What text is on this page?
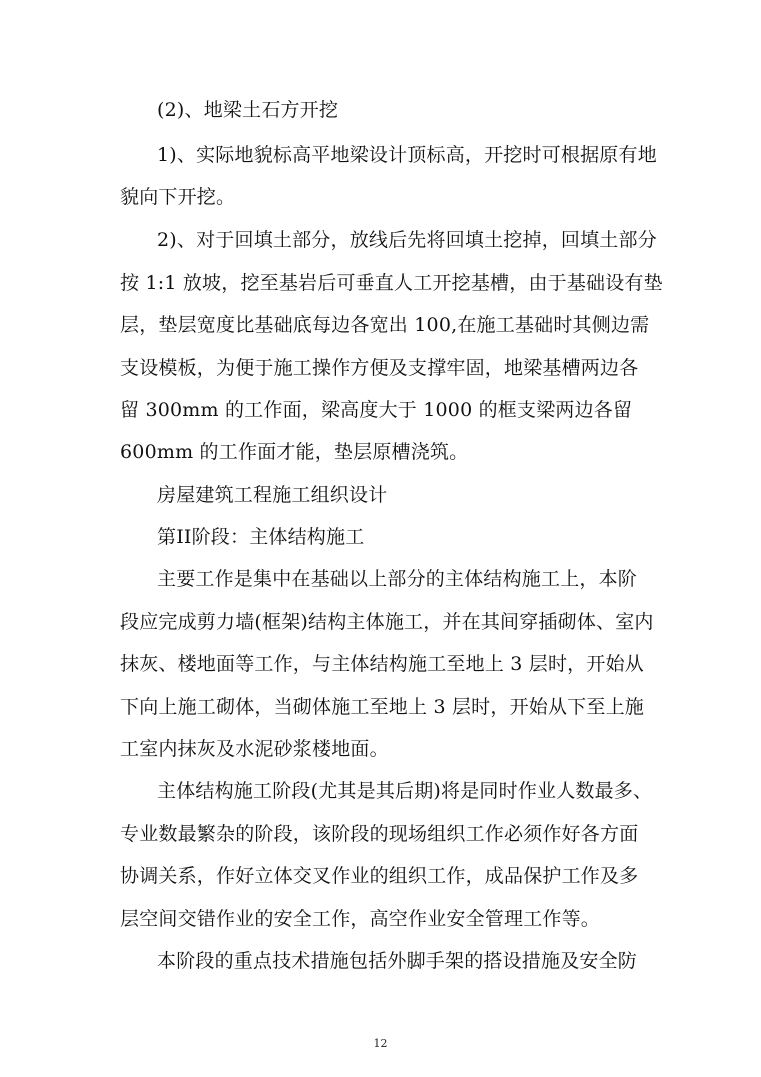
(2)、地梁土石方开挖
1)、实际地貌标高平地梁设计顶标高，开挖时可根据原有地
貌向下开挖。
2)、对于回填土部分，放线后先将回填土挖掉，回填土部分
按 1:1 放坡，挖至基岩后可垂直人工开挖基槽，由于基础设有垫
层，垫层宽度比基础底每边各宽出 100,在施工基础时其侧边需
支设模板，为便于施工操作方便及支撑牢固，地梁基槽两边各
留 300mm 的工作面，梁高度大于 1000 的框支梁两边各留
600mm 的工作面才能，垫层原槽浇筑。
房屋建筑工程施工组织设计
第II阶段：主体结构施工
主要工作是集中在基础以上部分的主体结构施工上，本阶
段应完成剪力墙(框架)结构主体施工，并在其间穿插砌体、室内
抹灰、楼地面等工作，与主体结构施工至地上 3 层时，开始从
下向上施工砌体，当砌体施工至地上 3 层时，开始从下至上施
工室内抹灰及水泥砂浆楼地面。
主体结构施工阶段(尤其是其后期)将是同时作业人数最多、
专业数最繁杂的阶段，该阶段的现场组织工作必须作好各方面
协调关系，作好立体交叉作业的组织工作，成品保护工作及多
层空间交错作业的安全工作，高空作业安全管理工作等。
本阶段的重点技术措施包括外脚手架的搭设措施及安全防
12
